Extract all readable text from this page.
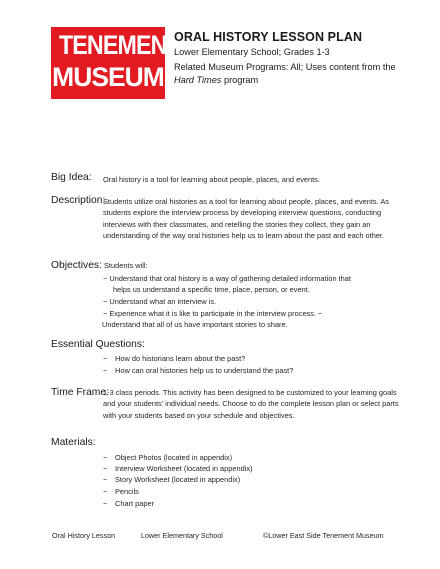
TENEMENT
MUSEUM
ORAL HISTORY LESSON PLAN
Lower Elementary School; Grades 1-3
Related Museum Programs: All; Uses content from the Hard Times program
Big Idea: Oral history is a tool for learning about people, places, and events.
Description:
Students utilize oral histories as a tool for learning about people, places, and events. As students explore the interview process by developing interview questions, conducting interviews with their classmates, and retelling the stories they collect, they gain an understanding of the way oral histories help us to learn about the past and each other.
Objectives: Students will:
− Understand that oral history is a way of gathering detailed information that
helps us understand a specific time, place, person, or event.
− Understand what an interview is.
− Experience what it is like to participate in the interview process. −
Understand that all of us have important stories to share.
Essential Questions:
− How do historians learn about the past?
− How can oral histories help us to understand the past?
Time Frame:
1-3 class periods. This activity has been designed to be customized to your learning goals and your students’ individual needs. Choose to do the complete lesson plan or select parts with your students based on your schedule and objectives.
Materials:
− Object Photos (located in appendix)
− Interview Worksheet (located in appendix)
− Story Worksheet (located in appendix)
− Pencils
− Chart paper
Oral History Lesson	Lower Elementary School	©Lower East Side Tenement Museum
